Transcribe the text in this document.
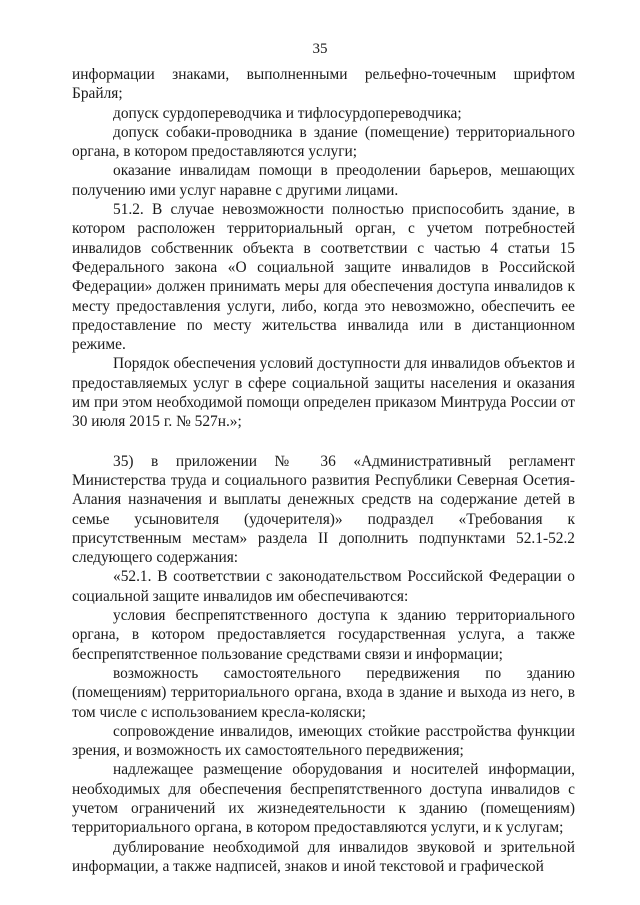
35

информации знаками, выполненными рельефно-точечным шрифтом Брайля;

допуск сурдопереводчика и тифлосурдопереводчика;

допуск собаки-проводника в здание (помещение) территориального органа, в котором предоставляются услуги;

оказание инвалидам помощи в преодолении барьеров, мешающих получению ими услуг наравне с другими лицами.

51.2. В случае невозможности полностью приспособить здание, в котором расположен территориальный орган, с учетом потребностей инвалидов собственник объекта в соответствии с частью 4 статьи 15 Федерального закона «О социальной защите инвалидов в Российской Федерации» должен принимать меры для обеспечения доступа инвалидов к месту предоставления услуги, либо, когда это невозможно, обеспечить ее предоставление по месту жительства инвалида или в дистанционном режиме.

Порядок обеспечения условий доступности для инвалидов объектов и предоставляемых услуг в сфере социальной защиты населения и оказания им при этом необходимой помощи определен приказом Минтруда России от 30 июля 2015 г. № 527н.»;

35) в приложении № 36 «Административный регламент Министерства труда и социального развития Республики Северная Осетия-Алания назначения и выплаты денежных средств на содержание детей в семье усыновителя (удочерителя)» подраздел «Требования к присутственным местам» раздела II дополнить подпунктами 52.1-52.2 следующего содержания:

«52.1. В соответствии с законодательством Российской Федерации о социальной защите инвалидов им обеспечиваются:

условия беспрепятственного доступа к зданию территориального органа, в котором предоставляется государственная услуга, а также беспрепятственное пользование средствами связи и информации;

возможность самостоятельного передвижения по зданию (помещениям) территориального органа, входа в здание и выхода из него, в том числе с использованием кресла-коляски;

сопровождение инвалидов, имеющих стойкие расстройства функции зрения, и возможность их самостоятельного передвижения;

надлежащее размещение оборудования и носителей информации, необходимых для обеспечения беспрепятственного доступа инвалидов с учетом ограничений их жизнедеятельности к зданию (помещениям) территориального органа, в котором предоставляются услуги, и к услугам;

дублирование необходимой для инвалидов звуковой и зрительной информации, а также надписей, знаков и иной текстовой и графической
